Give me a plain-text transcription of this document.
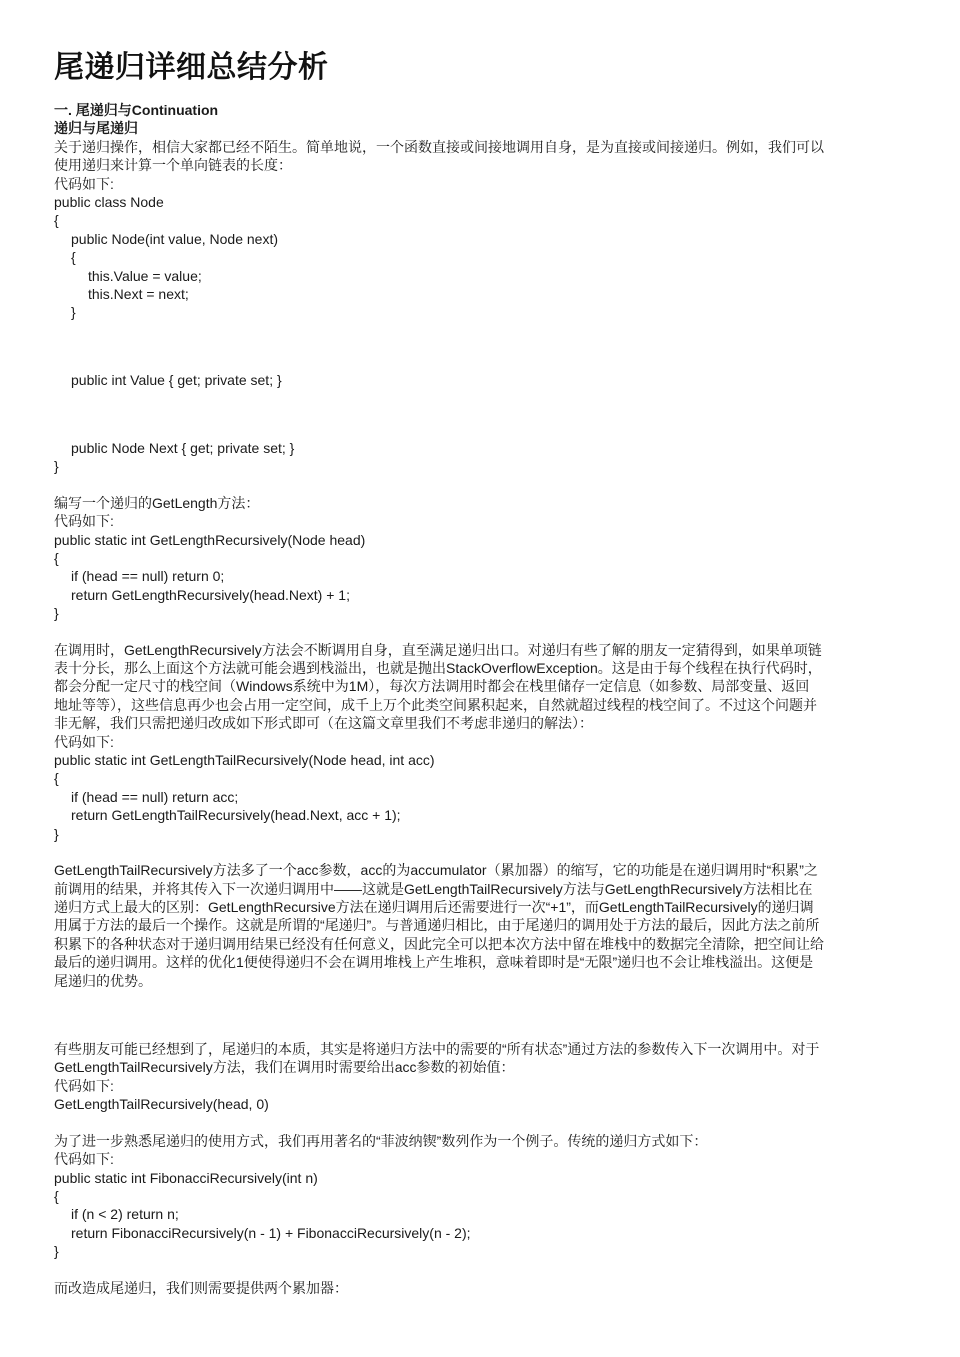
尾递归详细总结分析
一. 尾递归与Continuation
递归与尾递归
关于递归操作，相信大家都已经不陌生。简单地说，一个函数直接或间接地调用自身，是为直接或间接递归。例如，我们可以
使用递归来计算一个单向链表的长度：
代码如下:
public class Node
{
public Node(int value, Node next)
{
this.Value = value;
this.Next = next;
}
public int Value { get; private set; }
public Node Next { get; private set; }
}
编写一个递归的GetLength方法：
代码如下:
public static int GetLengthRecursively(Node head)
{
if (head == null) return 0;
return GetLengthRecursively(head.Next) + 1;
}
在调用时，GetLengthRecursively方法会不断调用自身，直至满足递归出口。对递归有些了解的朋友一定猜得到，如果单项链
表十分长，那么上面这个方法就可能会遇到栈溢出，也就是抛出StackOverflowException。这是由于每个线程在执行代码时，
都会分配一定尺寸的栈空间（Windows系统中为1M），每次方法调用时都会在栈里储存一定信息（如参数、局部变量、返回
地址等等），这些信息再少也会占用一定空间，成千上万个此类空间累积起来，自然就超过线程的栈空间了。不过这个问题并
非无解，我们只需把递归改成如下形式即可（在这篇文章里我们不考虑非递归的解法）：
代码如下:
public static int GetLengthTailRecursively(Node head, int acc)
{
if (head == null) return acc;
return GetLengthTailRecursively(head.Next, acc + 1);
}
GetLengthTailRecursively方法多了一个acc参数，acc的为accumulator（累加器）的缩写，它的功能是在递归调用时“积累”之
前调用的结果，并将其传入下一次递归调用中——这就是GetLengthTailRecursively方法与GetLengthRecursively方法相比在
递归方式上最大的区别：GetLengthRecursive方法在递归调用后还需要进行一次“+1”，而GetLengthTailRecursively的递归调
用属于方法的最后一个操作。这就是所谓的“尾递归”。与普通递归相比，由于尾递归的调用处于方法的最后，因此方法之前所
积累下的各种状态对于递归调用结果已经没有任何意义，因此完全可以把本次方法中留在堆栈中的数据完全清除，把空间让给
最后的递归调用。这样的优化1便使得递归不会在调用堆栈上产生堆积，意味着即时是“无限”递归也不会让堆栈溢出。这便是
尾递归的优势。
有些朋友可能已经想到了，尾递归的本质，其实是将递归方法中的需要的“所有状态”通过方法的参数传入下一次调用中。对于
GetLengthTailRecursively方法，我们在调用时需要给出acc参数的初始值：
代码如下:
GetLengthTailRecursively(head, 0)
为了进一步熟悉尾递归的使用方式，我们再用著名的“菲波纳锲”数列作为一个例子。传统的递归方式如下：
代码如下:
public static int FibonacciRecursively(int n)
{
if (n < 2) return n;
return FibonacciRecursively(n - 1) + FibonacciRecursively(n - 2);
}
而改造成尾递归，我们则需要提供两个累加器：
